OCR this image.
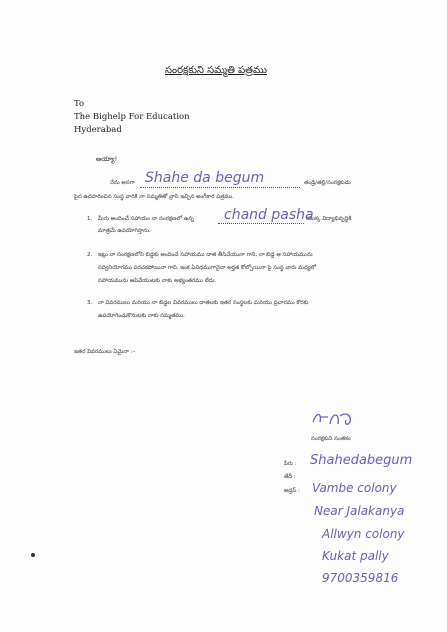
సంరక్షకుని సమ్మతి పత్రము
To
The Bighelp For Education
Hyderabad
అయ్యా!
నేను అనగా Shahe da begum	తండ్రి/తల్లి/సంరక్షకుడు
పైన ఉదహరించిన సంస్థ వారికి నా సమ్మతితో వ్రాసి ఇచ్చిన అంగీకార పత్రము.
1. మీరు అందించే సహాయం నా సంరక్షణలో ఉన్న chand pasha
యొక్క విద్యాభివృద్ధికి
మాత్రమే ఉపయోగిస్తాను.
2. ఇట్లు నా సంరక్షణలోని బిడ్డకు అందించే సహాయము దాత తీసివేయునా గాని, నా బిడ్డ ఆ సహాయమును
సద్వినియోగము పరచకపోయినా గాని, ఇంక ఏవిధముగానైనా అర్హత కోల్పోయినా పై సంస్థ వారు మధ్యలో
సహాయమును ఆపివేయుటకు నాకు అభ్యంతరము లేదు.
3. నా వివరములు మరియు నా బిడ్డల వివరములు దాతలకు ఇతర సంస్థలకు మరియు ప్రచారము కొరకు
ఉపయోగించుకొనుటకు నాకు సమ్మతము.
ఇతర వివరములు ఏమైనా :–
సంరక్షకుని సంతకం
పేరు : Shahedabegum
తేదీ :
అడ్రస్ : Vambe colony
Near Jalakanya
Allwyn colony
Kukat pally
9700359816
